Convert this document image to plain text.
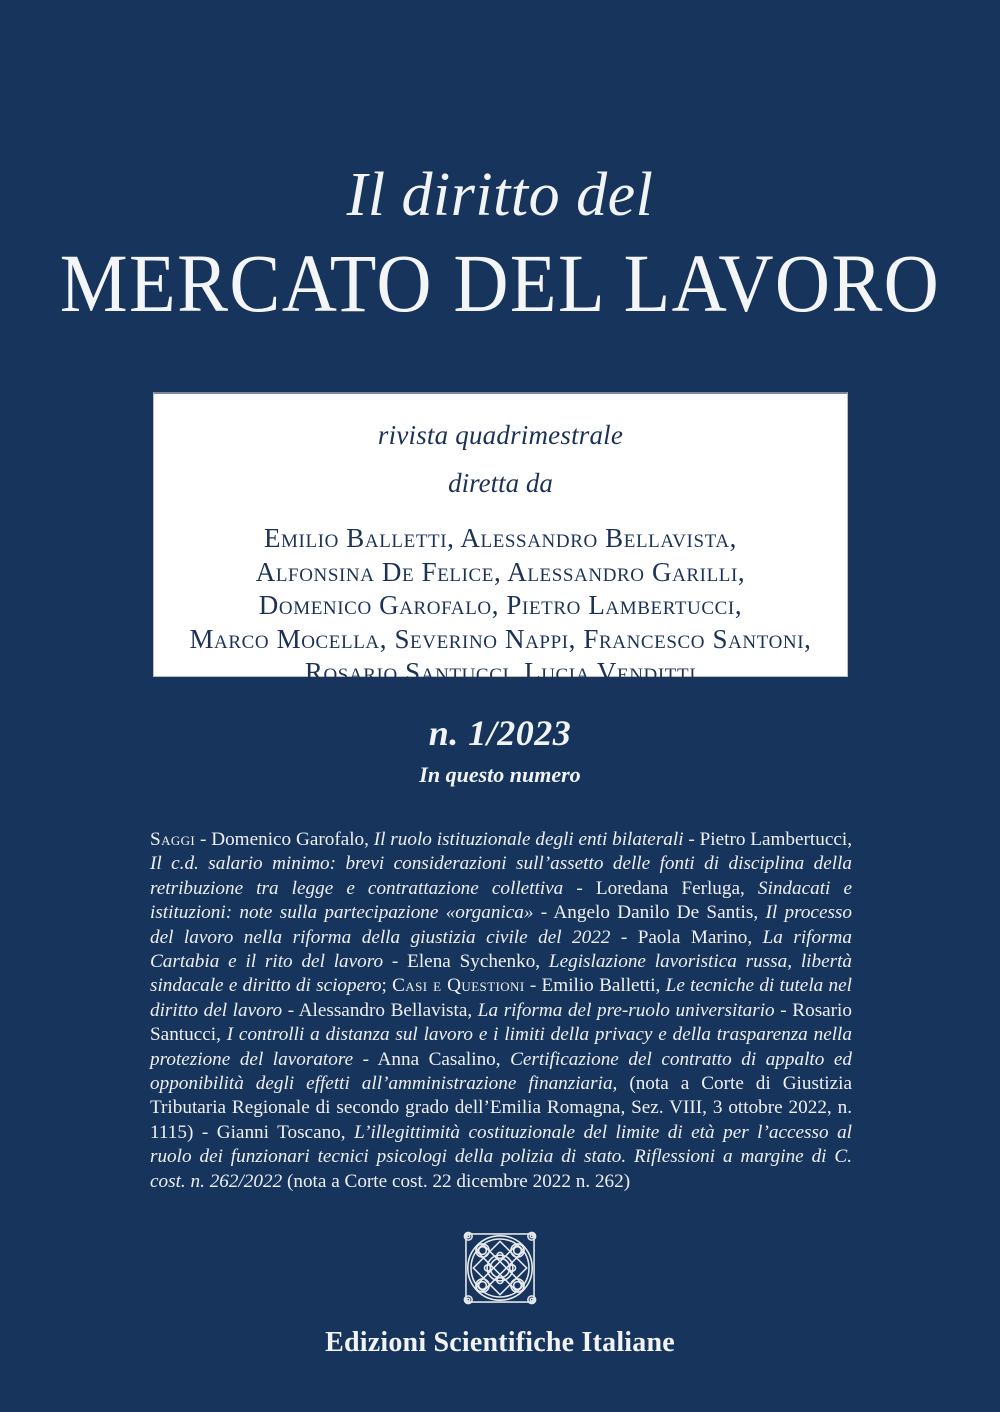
Il diritto del
MERCATO DEL LAVORO
rivista quadrimestrale
diretta da
Emilio Balletti, Alessandro Bellavista,
Alfonsina De Felice, Alessandro Garilli,
Domenico Garofalo, Pietro Lambertucci,
Marco Mocella, Severino Nappi, Francesco Santoni,
Rosario Santucci, Lucia Venditti
n. 1/2023
In questo numero
Saggi - Domenico Garofalo, Il ruolo istituzionale degli enti bilaterali - Pietro Lambertucci, Il c.d. salario minimo: brevi considerazioni sull’assetto delle fonti di disciplina della retribuzione tra legge e contrattazione collettiva - Loredana Ferluga, Sindacati e istituzioni: note sulla partecipazione «organica» - Angelo Danilo De Santis, Il processo del lavoro nella riforma della giustizia civile del 2022 - Paola Marino, La riforma Cartabia e il rito del lavoro - Elena Sychenko, Legislazione lavoristica russa, libertà sindacale e diritto di sciopero; Casi e Questioni - Emilio Balletti, Le tecniche di tutela nel diritto del lavoro - Alessandro Bellavista, La riforma del pre-ruolo universitario - Rosario Santucci, I controlli a distanza sul lavoro e i limiti della privacy e della trasparenza nella protezione del lavoratore - Anna Casalino, Certificazione del contratto di appalto ed opponibilità degli effetti all’amministrazione finanziaria, (nota a Corte di Giustizia Tributaria Regionale di secondo grado dell’Emilia Romagna, Sez. VIII, 3 ottobre 2022, n. 1115) - Gianni Toscano, L’illegittimità costituzionale del limite di età per l’accesso al ruolo dei funzionari tecnici psicologi della polizia di stato. Riflessioni a margine di C. cost. n. 262/2022 (nota a Corte cost. 22 dicembre 2022 n. 262)
Edizioni Scientifiche Italiane
